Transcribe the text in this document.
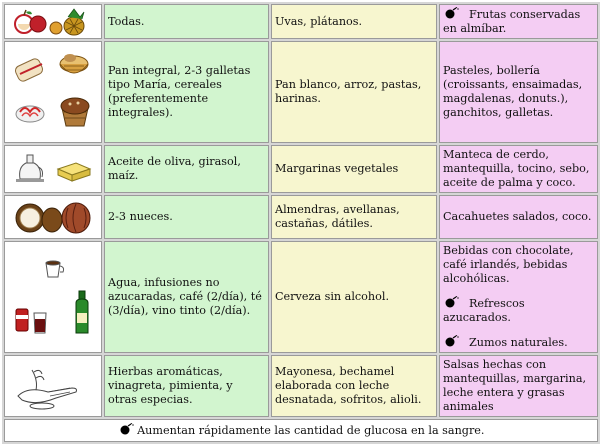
	Todas.	Uvas, plátanos.	Frutas conservadas en almíbar.

	Pan integral, 2-3 galletas tipo María, cereales (preferentemente integrales).	Pan blanco, arroz, pastas, harinas.	Pasteles, bollería (croissants, ensaimadas, magdalenas, donuts.), ganchitos, galletas.

	Aceite de oliva, girasol, maíz.	Margarinas vegetales	Manteca de cerdo, mantequilla, tocino, sebo, aceite de palma y coco.

	2-3 nueces.	Almendras, avellanas, castañas, dátiles.	Cacahuetes salados, coco.

	Agua, infusiones no azucaradas, café (2/día), té (3/día), vino tinto (2/día).	Cerveza sin alcohol.	Bebidas con chocolate, café irlandés, bebidas alcohólicas.

Refrescos azucarados.

Zumos naturales.

	Hierbas aromáticas, vinagreta, pimienta, y otras especias.	Mayonesa, bechamel elaborada con leche desnatada, sofritos, alioli.	Salsas hechas con mantequillas, margarina, leche entera y grasas animales

Aumentan rápidamente las cantidad de glucosa en la sangre.			
